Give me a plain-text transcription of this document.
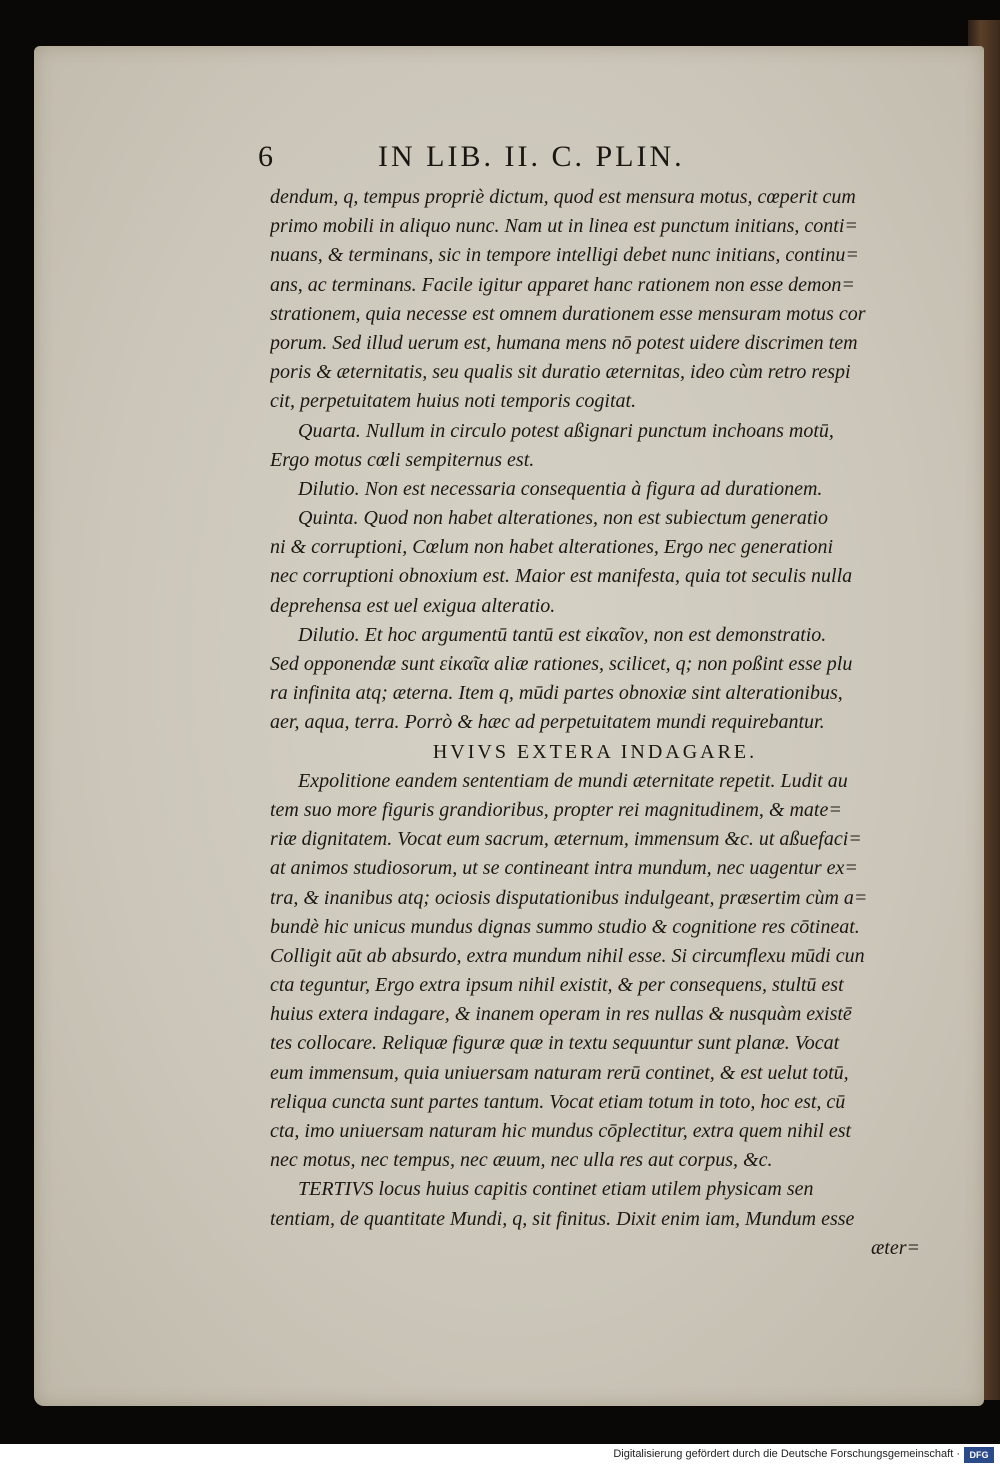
6	IN LIB. II. C. PLIN.
dendum, q, tempus propriè dictum, quod est mensura motus, cœperit cum
primo mobili in aliquo nunc. Nam ut in linea est punctum initians, conti=
nuans, & terminans, sic in tempore intelligi debet nunc initians, continu=
ans, ac terminans. Facile igitur apparet hanc rationem non esse demon=
strationem, quia necesse est omnem durationem esse mensuram motus cor
porum. Sed illud uerum est, humana mens nō potest uidere discrimen tem
poris & æternitatis, seu qualis sit duratio æternitas, ideo cùm retro respi
cit, perpetuitatem huius noti temporis cogitat.
Quarta. Nullum in circulo potest aßignari punctum inchoans motū,
Ergo motus cœli sempiternus est.
Dilutio. Non est necessaria consequentia à figura ad durationem.
Quinta. Quod non habet alterationes, non est subiectum generatio
ni & corruptioni, Cœlum non habet alterationes, Ergo nec generationi
nec corruptioni obnoxium est. Maior est manifesta, quia tot seculis nulla
deprehensa est uel exigua alteratio.
Dilutio. Et hoc argumentū tantū est εἰκαῖον, non est demonstratio.
Sed opponendæ sunt εἰκαῖα aliæ rationes, scilicet, q; non poßint esse plu
ra infinita atq; æterna. Item q, mūdi partes obnoxiæ sint alterationibus,
aer, aqua, terra. Porrò & hæc ad perpetuitatem mundi requirebantur.
HVIVS EXTERA INDAGARE.
Expolitione eandem sententiam de mundi æternitate repetit. Ludit au
tem suo more figuris grandioribus, propter rei magnitudinem, & mate=
riæ dignitatem. Vocat eum sacrum, æternum, immensum &c. ut aßuefaci=
at animos studiosorum, ut se contineant intra mundum, nec uagentur ex=
tra, & inanibus atq; ociosis disputationibus indulgeant, præsertim cùm a=
bundè hic unicus mundus dignas summo studio & cognitione res cōtineat.
Colligit aūt ab absurdo, extra mundum nihil esse. Si circumflexu mūdi cun
cta teguntur, Ergo extra ipsum nihil existit, & per consequens, stultū est
huius extera indagare, & inanem operam in res nullas & nusquàm existē
tes collocare. Reliquæ figuræ quæ in textu sequuntur sunt planæ. Vocat
eum immensum, quia uniuersam naturam rerū continet, & est uelut totū,
reliqua cuncta sunt partes tantum. Vocat etiam totum in toto, hoc est, cū
cta, imo uniuersam naturam hic mundus cōplectitur, extra quem nihil est
nec motus, nec tempus, nec æuum, nec ulla res aut corpus, &c.
TERTIVS locus huius capitis continet etiam utilem physicam sen
tentiam, de quantitate Mundi, q, sit finitus. Dixit enim iam, Mundum esse
æter=
Digitalisierung gefördert durch die Deutsche Forschungsgemeinschaft ·	DFG
